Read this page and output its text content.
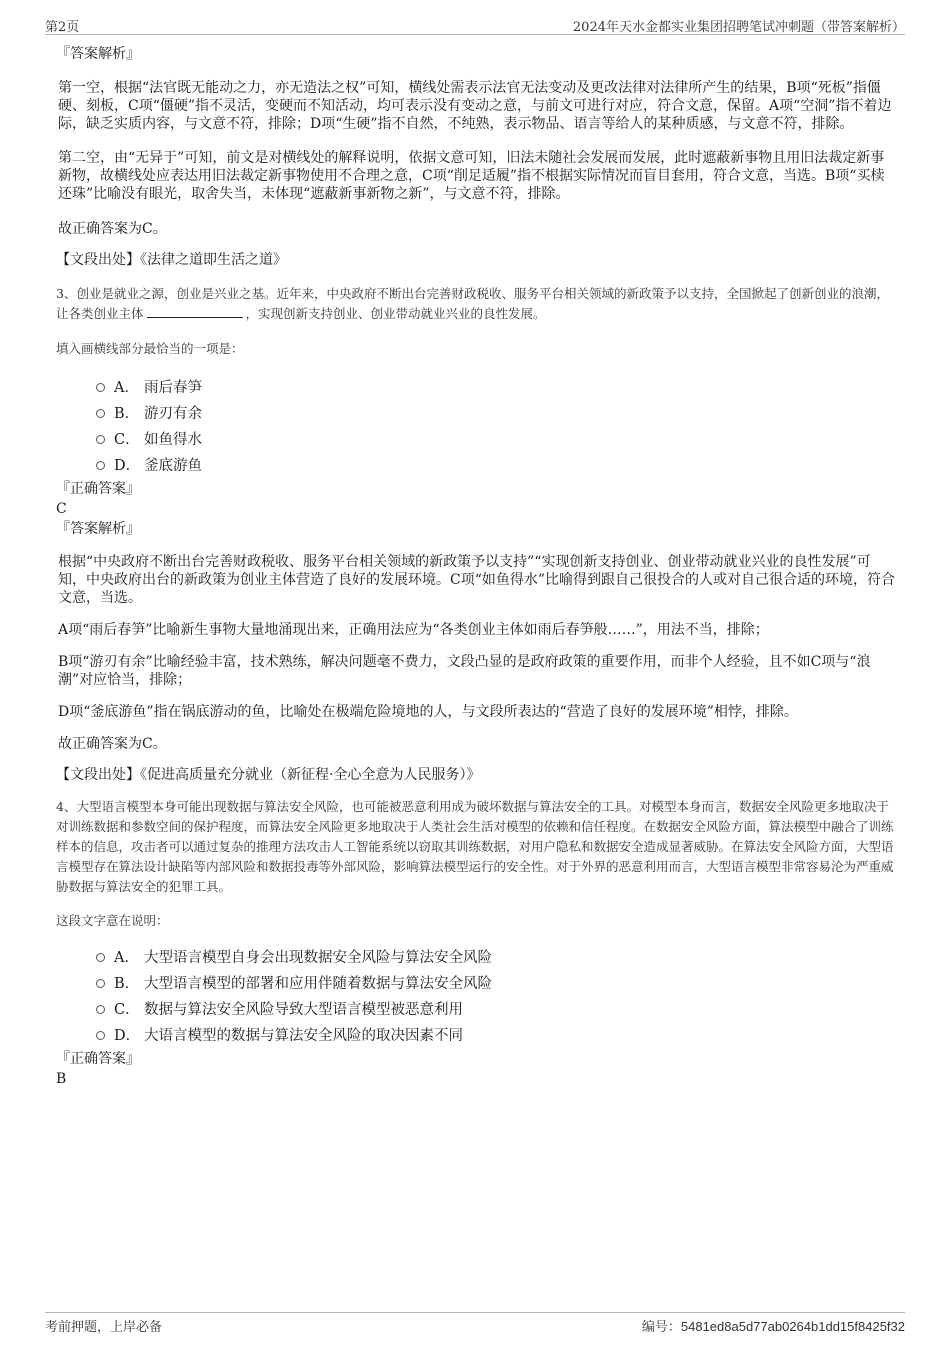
第2页	2024年天水金都实业集团招聘笔试冲刺题（带答案解析）

『答案解析』

第一空，根据“法官既无能动之力，亦无造法之权”可知，横线处需表示法官无法变动及更改法律对法律所产生的结果，B项“死板”指僵硬、刻板，C项“僵硬”指不灵活，变硬而不知活动，均可表示没有变动之意，与前文可进行对应，符合文意，保留。A项“空洞”指不着边际，缺乏实质内容，与文意不符，排除；D项“生硬”指不自然，不纯熟，表示物品、语言等给人的某种质感，与文意不符，排除。

第二空，由“无异于”可知，前文是对横线处的解释说明，依据文意可知，旧法未随社会发展而发展，此时遮蔽新事物且用旧法裁定新事新物，故横线处应表达用旧法裁定新事物使用不合理之意，C项“削足适履”指不根据实际情况而盲目套用，符合文意，当选。B项“买椟还珠”比喻没有眼光，取舍失当，未体现“遮蔽新事新物之新”，与文意不符，排除。

故正确答案为C。

【文段出处】《法律之道即生活之道》

3、创业是就业之源，创业是兴业之基。近年来，中央政府不断出台完善财政税收、服务平台相关领域的新政策予以支持，全国掀起了创新创业的浪潮，让各类创业主体	，实现创新支持创业、创业带动就业兴业的良性发展。

填入画横线部分最恰当的一项是：

A． 雨后春笋
B． 游刃有余
C． 如鱼得水
D． 釜底游鱼

『正确答案』

C

『答案解析』

根据“中央政府不断出台完善财政税收、服务平台相关领域的新政策予以支持”“实现创新支持创业、创业带动就业兴业的良性发展”可知，中央政府出台的新政策为创业主体营造了良好的发展环境。C项“如鱼得水”比喻得到跟自己很投合的人或对自己很合适的环境，符合文意，当选。

A项“雨后春笋”比喻新生事物大量地涌现出来，正确用法应为“各类创业主体如雨后春笋般……”，用法不当，排除；

B项“游刃有余”比喻经验丰富，技术熟练，解决问题毫不费力，文段凸显的是政府政策的重要作用，而非个人经验，且不如C项与“浪潮”对应恰当，排除；

D项“釜底游鱼”指在锅底游动的鱼，比喻处在极端危险境地的人，与文段所表达的“营造了良好的发展环境”相悖，排除。

故正确答案为C。

【文段出处】《促进高质量充分就业（新征程·全心全意为人民服务）》

4、大型语言模型本身可能出现数据与算法安全风险，也可能被恶意利用成为破坏数据与算法安全的工具。对模型本身而言，数据安全风险更多地取决于对训练数据和参数空间的保护程度，而算法安全风险更多地取决于人类社会生活对模型的依赖和信任程度。在数据安全风险方面，算法模型中融合了训练样本的信息，攻击者可以通过复杂的推理方法攻击人工智能系统以窃取其训练数据，对用户隐私和数据安全造成显著威胁。在算法安全风险方面，大型语言模型存在算法设计缺陷等内部风险和数据投毒等外部风险，影响算法模型运行的安全性。对于外界的恶意利用而言，大型语言模型非常容易沦为严重威胁数据与算法安全的犯罪工具。

这段文字意在说明：

A． 大型语言模型自身会出现数据安全风险与算法安全风险
B． 大型语言模型的部署和应用伴随着数据与算法安全风险
C． 数据与算法安全风险导致大型语言模型被恶意利用
D． 大语言模型的数据与算法安全风险的取决因素不同

『正确答案』

B

考前押题，上岸必备	编号：5481ed8a5d77ab0264b1dd15f8425f32
